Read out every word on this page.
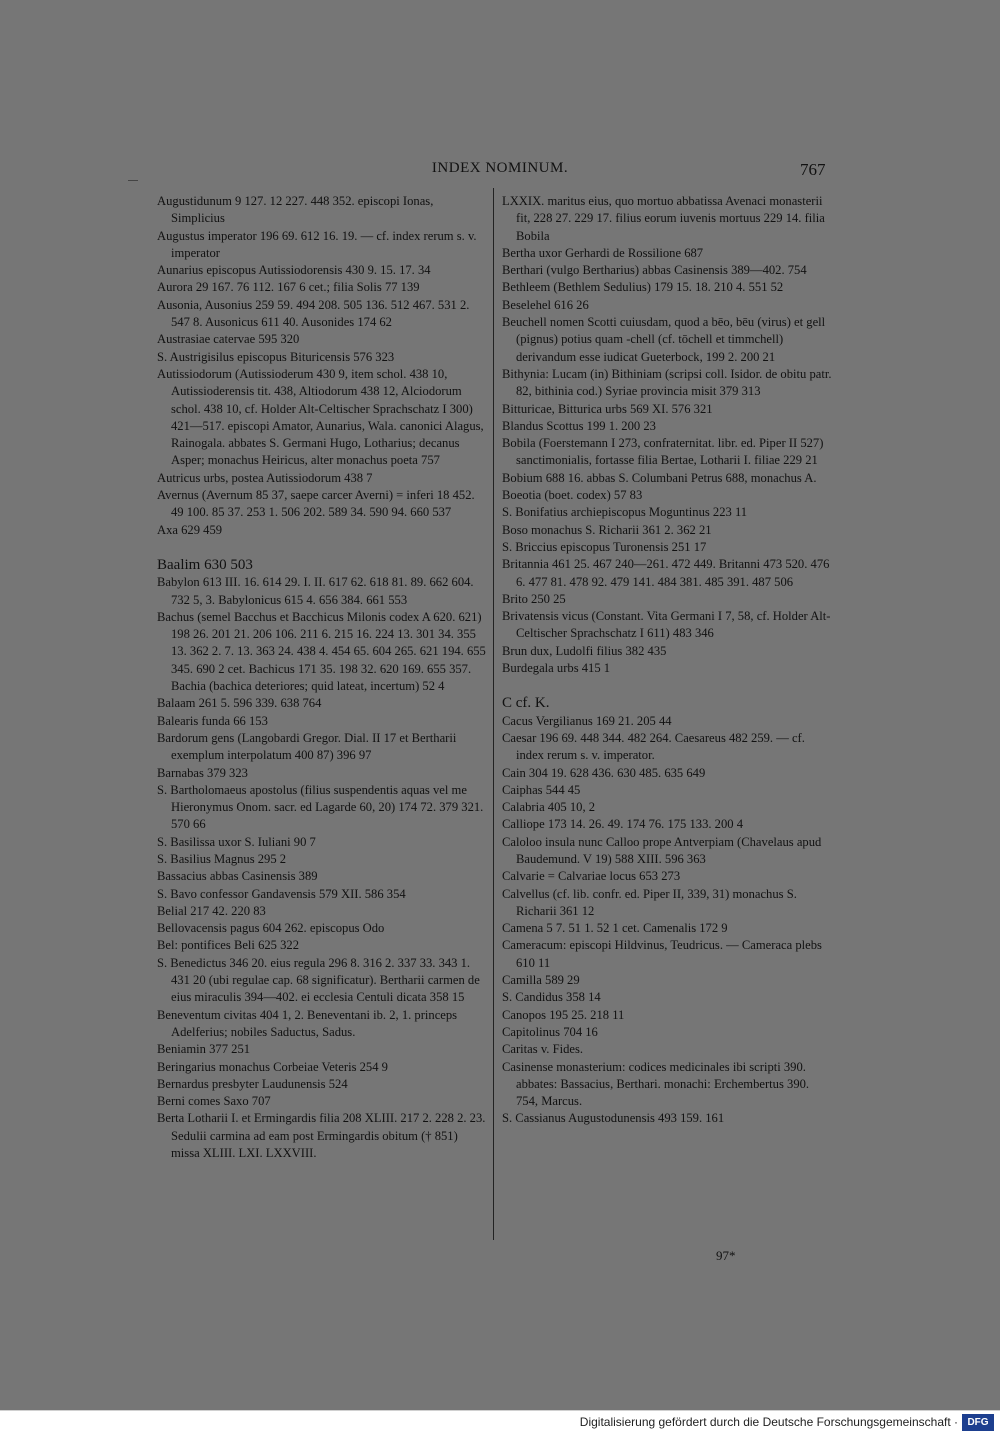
INDEX NOMINUM.	767

Augustidunum 9 127. 12 227. 448 352. episcopi Ionas, Simplicius

Augustus imperator 196 69. 612 16. 19. — cf. index rerum s. v. imperator

Aunarius episcopus Autissiodorensis 430 9. 15. 17. 34

Aurora 29 167. 76 112. 167 6 cet.; filia Solis 77 139

Ausonia, Ausonius 259 59. 494 208. 505 136. 512 467. 531 2. 547 8. Ausonicus 611 40. Ausonides 174 62

Austrasiae catervae 595 320

S. Austrigisilus episcopus Bituricensis 576 323

Autissiodorum (Autissioderum 430 9, item schol. 438 10, Autissioderensis tit. 438, Altiodorum 438 12, Alciodorum schol. 438 10, cf. Holder Alt-Celtischer Sprachschatz I 300) 421—517. episcopi Amator, Aunarius, Wala. canonici Alagus, Rainogala. abbates S. Germani Hugo, Lotharius; decanus Asper; monachus Heiricus, alter monachus poeta 757

Autricus urbs, postea Autissiodorum 438 7

Avernus (Avernum 85 37, saepe carcer Averni) = inferi 18 452. 49 100. 85 37. 253 1. 506 202. 589 34. 590 94. 660 537

Axa 629 459

Baalim 630 503

Babylon 613 III. 16. 614 29. I. II. 617 62. 618 81. 89. 662 604. 732 5, 3. Babylonicus 615 4. 656 384. 661 553

Bachus (semel Bacchus et Bacchicus Milonis codex A 620. 621) 198 26. 201 21. 206 106. 211 6. 215 16. 224 13. 301 34. 355 13. 362 2. 7. 13. 363 24. 438 4. 454 65. 604 265. 621 194. 655 345. 690 2 cet. Bachicus 171 35. 198 32. 620 169. 655 357. Bachia (bachica deteriores; quid lateat, incertum) 52 4

Balaam 261 5. 596 339. 638 764

Balearis funda 66 153

Bardorum gens (Langobardi Gregor. Dial. II 17 et Bertharii exemplum interpolatum 400 87) 396 97

Barnabas 379 323

S. Bartholomaeus apostolus (filius suspendentis aquas vel me Hieronymus Onom. sacr. ed Lagarde 60, 20) 174 72. 379 321. 570 66

S. Basilissa uxor S. Iuliani 90 7

S. Basilius Magnus 295 2

Bassacius abbas Casinensis 389

S. Bavo confessor Gandavensis 579 XII. 586 354

Belial 217 42. 220 83

Bellovacensis pagus 604 262. episcopus Odo

Bel: pontifices Beli 625 322

S. Benedictus 346 20. eius regula 296 8. 316 2. 337 33. 343 1. 431 20 (ubi regulae cap. 68 significatur). Bertharii carmen de eius miraculis 394—402. ei ecclesia Centuli dicata 358 15

Beneventum civitas 404 1, 2. Beneventani ib. 2, 1. princeps Adelferius; nobiles Saductus, Sadus.

Beniamin 377 251

Beringarius monachus Corbeiae Veteris 254 9

Bernardus presbyter Laudunensis 524

Berni comes Saxo 707

Berta Lotharii I. et Ermingardis filia 208 XLIII. 217 2. 228 2. 23. Sedulii carmina ad eam post Ermingardis obitum († 851) missa XLIII. LXI. LXXVIII.

LXXIX. maritus eius, quo mortuo abbatissa Avenaci monasterii fit, 228 27. 229 17. filius eorum iuvenis mortuus 229 14. filia Bobila

Bertha uxor Gerhardi de Rossilione 687

Berthari (vulgo Bertharius) abbas Casinensis 389—402. 754

Bethleem (Bethlem Sedulius) 179 15. 18. 210 4. 551 52

Beselehel 616 26

Beuchell nomen Scotti cuiusdam, quod a bēo, bēu (virus) et gell (pignus) potius quam -chell (cf. tōchell et timmchell) derivandum esse iudicat Gueterbock, 199 2. 200 21

Bithynia: Lucam (in) Bithiniam (scripsi coll. Isidor. de obitu patr. 82, bithinia cod.) Syriae provincia misit 379 313

Bitturicae, Bitturica urbs 569 XI. 576 321

Blandus Scottus 199 1. 200 23

Bobila (Foerstemann I 273, confraternitat. libr. ed. Piper II 527) sanctimonialis, fortasse filia Bertae, Lotharii I. filiae 229 21

Bobium 688 16. abbas S. Columbani Petrus 688, monachus A.

Boeotia (boet. codex) 57 83

S. Bonifatius archiepiscopus Moguntinus 223 11

Boso monachus S. Richarii 361 2. 362 21

S. Briccius episcopus Turonensis 251 17

Britannia 461 25. 467 240—261. 472 449. Britanni 473 520. 476 6. 477 81. 478 92. 479 141. 484 381. 485 391. 487 506

Brito 250 25

Brivatensis vicus (Constant. Vita Germani I 7, 58, cf. Holder Alt-Celtischer Sprachschatz I 611) 483 346

Brun dux, Ludolfi filius 382 435

Burdegala urbs 415 1

C cf. K.

Cacus Vergilianus 169 21. 205 44

Caesar 196 69. 448 344. 482 264. Caesareus 482 259. — cf. index rerum s. v. imperator.

Cain 304 19. 628 436. 630 485. 635 649

Caiphas 544 45

Calabria 405 10, 2

Calliope 173 14. 26. 49. 174 76. 175 133. 200 4

Caloloo insula nunc Calloo prope Antverpiam (Chavelaus apud Baudemund. V 19) 588 XIII. 596 363

Calvarie = Calvariae locus 653 273

Calvellus (cf. lib. confr. ed. Piper II, 339, 31) monachus S. Richarii 361 12

Camena 5 7. 51 1. 52 1 cet. Camenalis 172 9

Cameracum: episcopi Hildvinus, Teudricus. — Cameraca plebs 610 11

Camilla 589 29

S. Candidus 358 14

Canopos 195 25. 218 11

Capitolinus 704 16

Caritas v. Fides.

Casinense monasterium: codices medicinales ibi scripti 390. abbates: Bassacius, Berthari. monachi: Erchembertus 390. 754, Marcus.

S. Cassianus Augustodunensis 493 159. 161

97*
Digitalisierung gefördert durch die Deutsche Forschungsgemeinschaft · DFG
